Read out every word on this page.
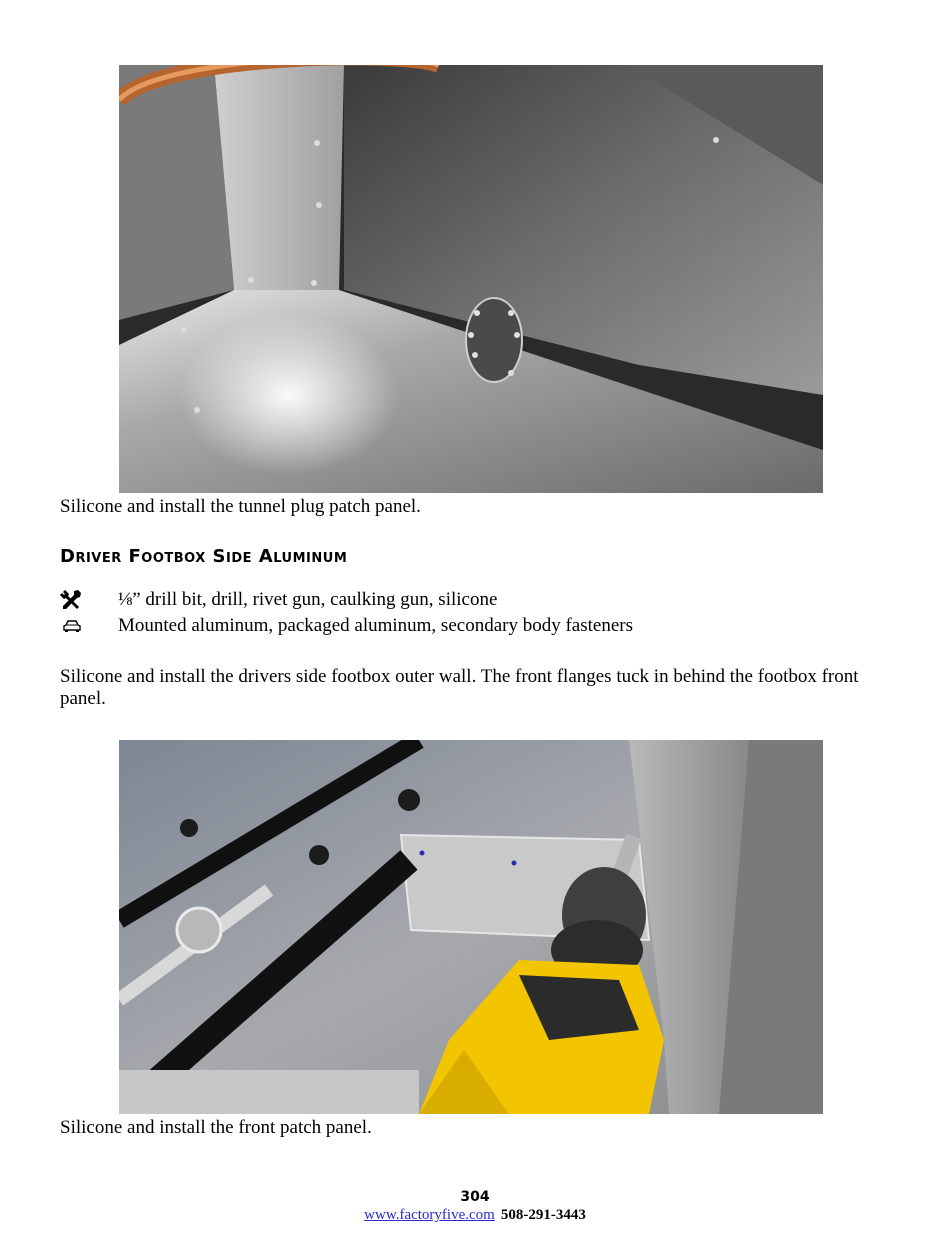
Silicone and install the tunnel plug patch panel.
Driver Footbox Side Aluminum
⅛” drill bit, drill, rivet gun, caulking gun, silicone
Mounted aluminum, packaged aluminum, secondary body fasteners

Silicone and install the drivers side footbox outer wall. The front flanges tuck in behind the footbox front panel.

Silicone and install the front patch panel.
304
www.factoryfive.com 508-291-3443
